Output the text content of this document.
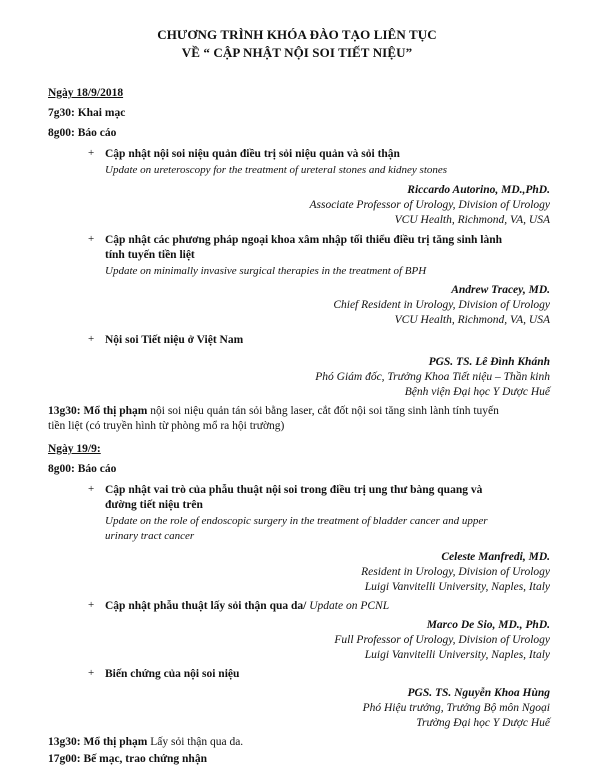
CHƯƠNG TRÌNH KHÓA ĐÀO TẠO LIÊN TỤC
VỀ “ CẬP NHẬT NỘI SOI TIẾT NIỆU”
Ngày 18/9/2018
7g30: Khai mạc
8g00: Báo cáo
+ Cập nhật nội soi niệu quản điều trị sỏi niệu quản và sỏi thận
Update on ureteroscopy for the treatment of ureteral stones and kidney stones
Riccardo Autorino, MD.,PhD.
Associate Professor of Urology, Division of Urology
VCU Health, Richmond, VA, USA
+ Cập nhật các phương pháp ngoại khoa xâm nhập tối thiểu điều trị tăng sinh lành
tính tuyến tiền liệt
Update on minimally invasive surgical therapies in the treatment of BPH
Andrew Tracey, MD.
Chief Resident in Urology, Division of Urology
VCU Health, Richmond, VA, USA
+ Nội soi Tiết niệu ở Việt Nam
PGS. TS. Lê Đình Khánh
Phó Giám đốc, Trưởng Khoa Tiết niệu – Thần kinh
Bệnh viện Đại học Y Dược Huế
13g30: Mổ thị phạm nội soi niệu quản tán sỏi bằng laser, cắt đốt nội soi tăng sinh lành tính tuyến
tiền liệt (có truyền hình từ phòng mổ ra hội trường)
Ngày 19/9:
8g00: Báo cáo
+ Cập nhật vai trò của phẫu thuật nội soi trong điều trị ung thư bàng quang và
đường tiết niệu trên
Update on the role of endoscopic surgery in the treatment of bladder cancer and upper
urinary tract cancer
Celeste Manfredi, MD.
Resident in Urology, Division of Urology
Luigi Vanvitelli University, Naples, Italy
+ Cập nhật phẫu thuật lấy sỏi thận qua da/ Update on PCNL
Marco De Sio, MD., PhD.
Full Professor of Urology, Division of Urology
Luigi Vanvitelli University, Naples, Italy
+ Biến chứng của nội soi niệu
PGS. TS. Nguyễn Khoa Hùng
Phó Hiệu trưởng, Trưởng Bộ môn Ngoại
Trường Đại học Y Dược Huế
13g30: Mổ thị phạm Lấy sỏi thận qua da.
17g00: Bế mạc, trao chứng nhận
